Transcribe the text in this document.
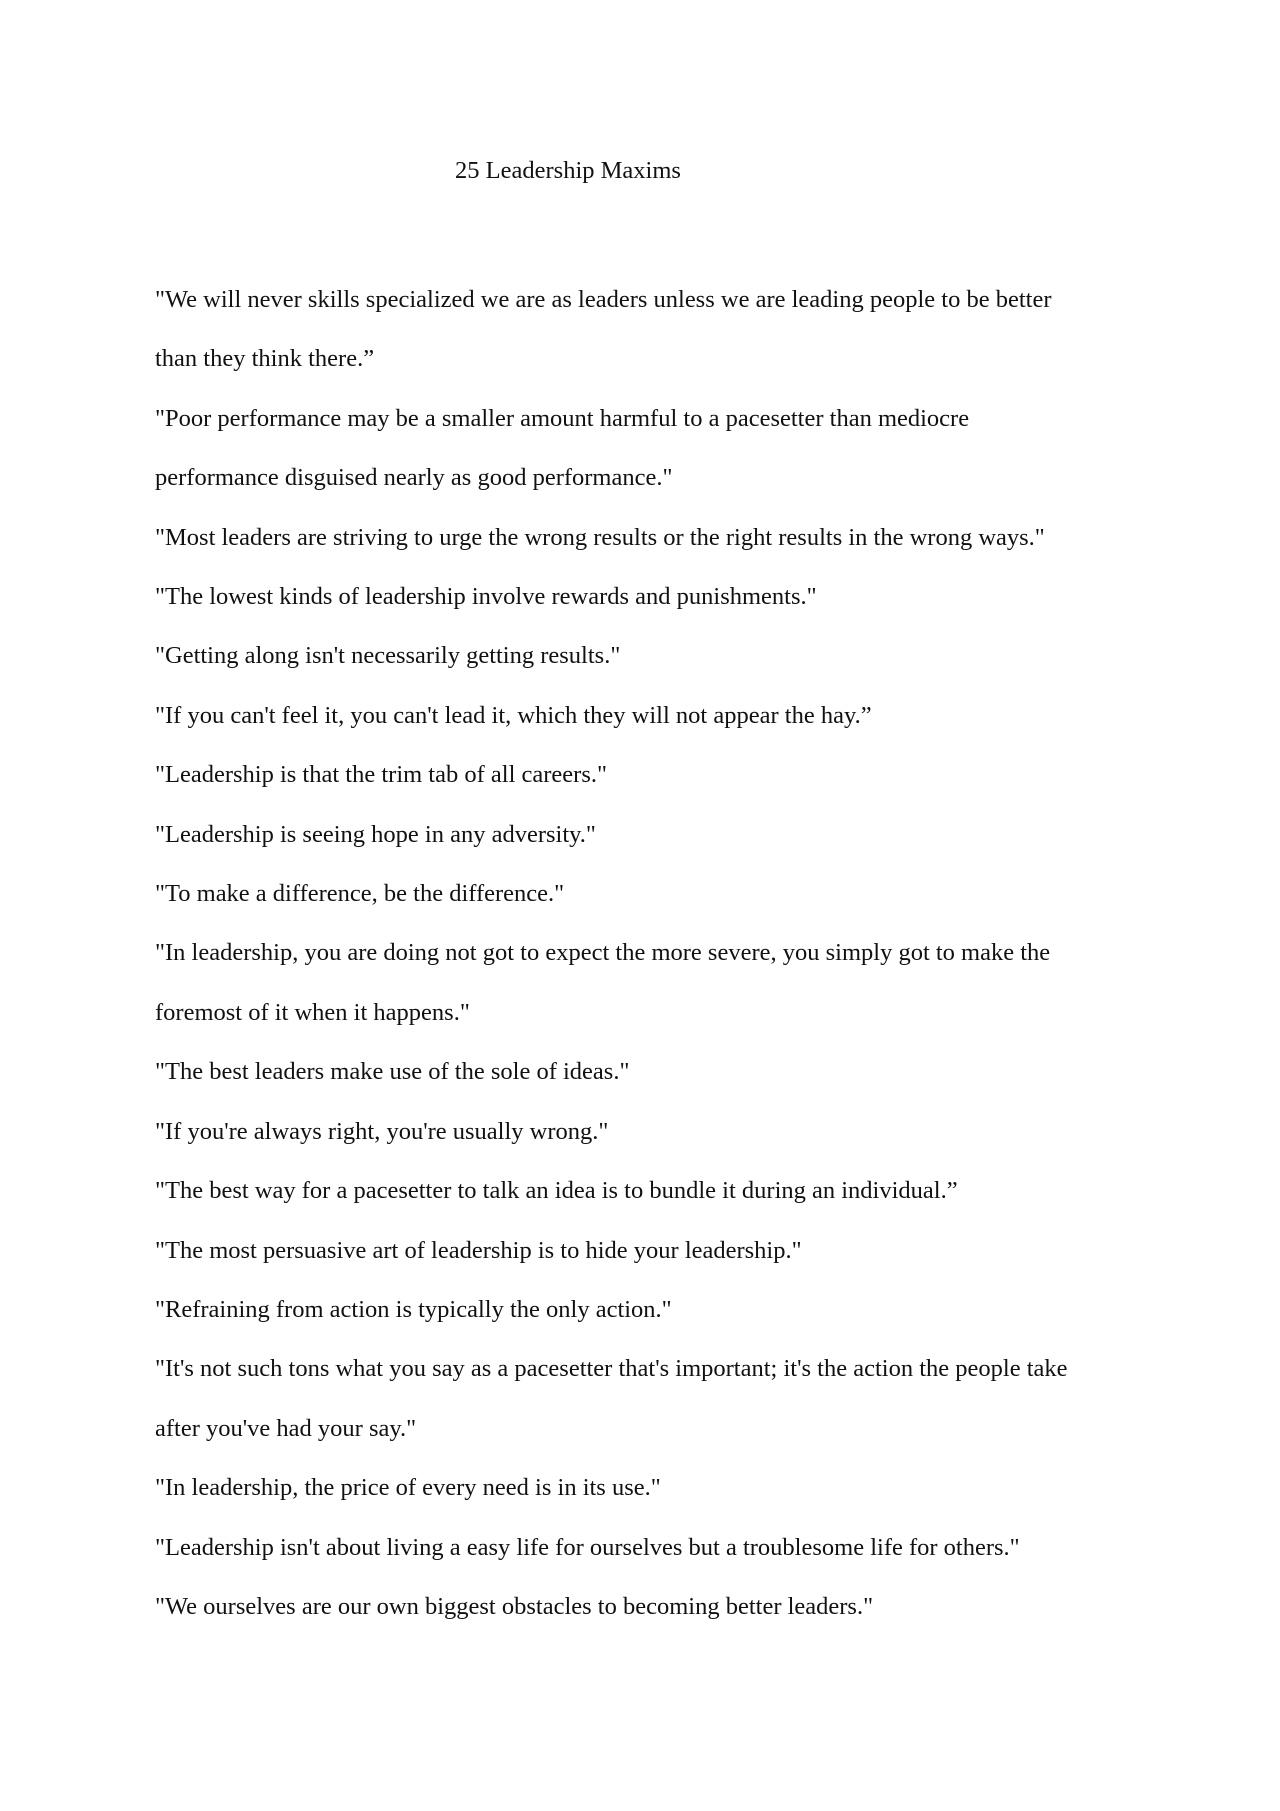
25 Leadership Maxims

"We will never skills specialized we are as leaders unless we are leading people to be better

than they think there.”

"Poor performance may be a smaller amount harmful to a pacesetter than mediocre

performance disguised nearly as good performance."

"Most leaders are striving to urge the wrong results or the right results in the wrong ways."

"The lowest kinds of leadership involve rewards and punishments."

"Getting along isn't necessarily getting results."

"If you can't feel it, you can't lead it, which they will not appear the hay.”

"Leadership is that the trim tab of all careers."

"Leadership is seeing hope in any adversity."

"To make a difference, be the difference."

"In leadership, you are doing not got to expect the more severe, you simply got to make the

foremost of it when it happens."

"The best leaders make use of the sole of ideas."

"If you're always right, you're usually wrong."

"The best way for a pacesetter to talk an idea is to bundle it during an individual.”

"The most persuasive art of leadership is to hide your leadership."

"Refraining from action is typically the only action."

"It's not such tons what you say as a pacesetter that's important; it's the action the people take

after you've had your say."

"In leadership, the price of every need is in its use."

"Leadership isn't about living a easy life for ourselves but a troublesome life for others."

"We ourselves are our own biggest obstacles to becoming better leaders."
